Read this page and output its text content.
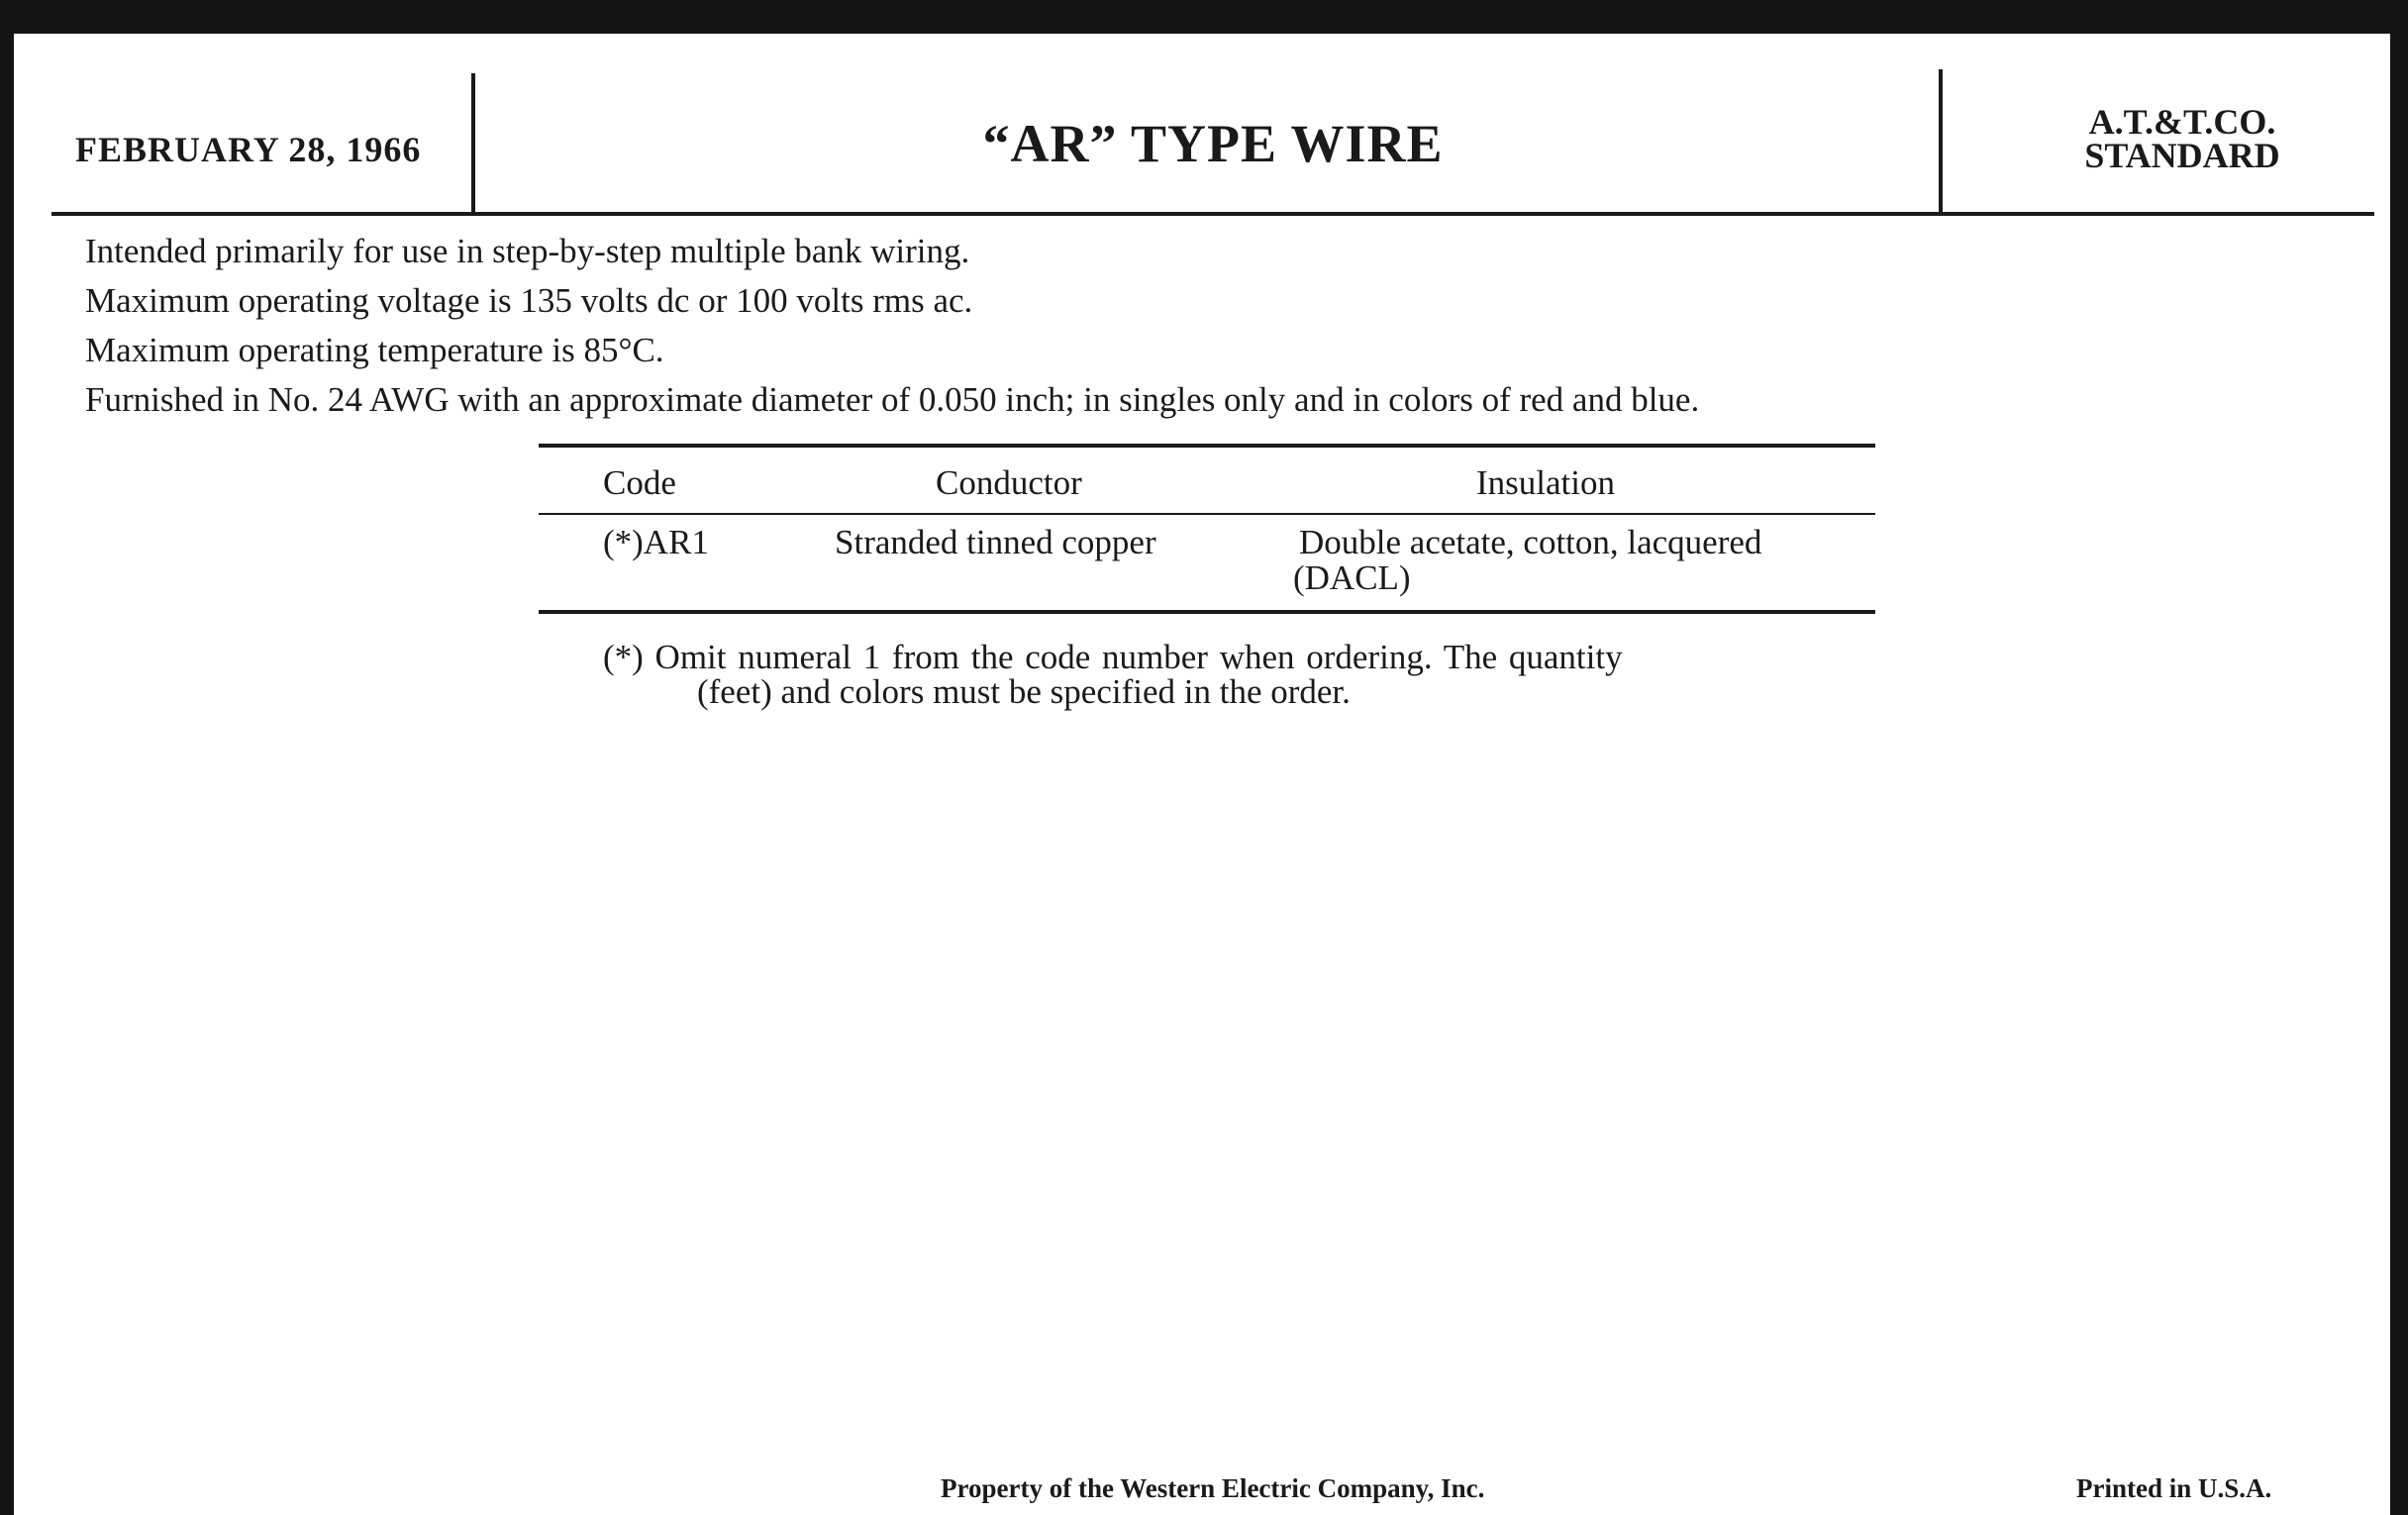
FEBRUARY 28, 1966	“AR” TYPE WIRE	A.T.&T.CO.
STANDARD
Intended primarily for use in step-by-step multiple bank wiring.
Maximum operating voltage is 135 volts dc or 100 volts rms ac.
Maximum operating temperature is 85°C.
Furnished in No. 24 AWG with an approximate diameter of 0.050 inch; in singles only and in colors of red and blue.
Code	Conductor	Insulation
(*)AR1	Stranded tinned copper	Double acetate, cotton, lacquered
(DACL)
(*) Omit numeral 1 from the code number when ordering. The quantity
(feet) and colors must be specified in the order.
Property of the Western Electric Company, Inc.	Printed in U.S.A.
